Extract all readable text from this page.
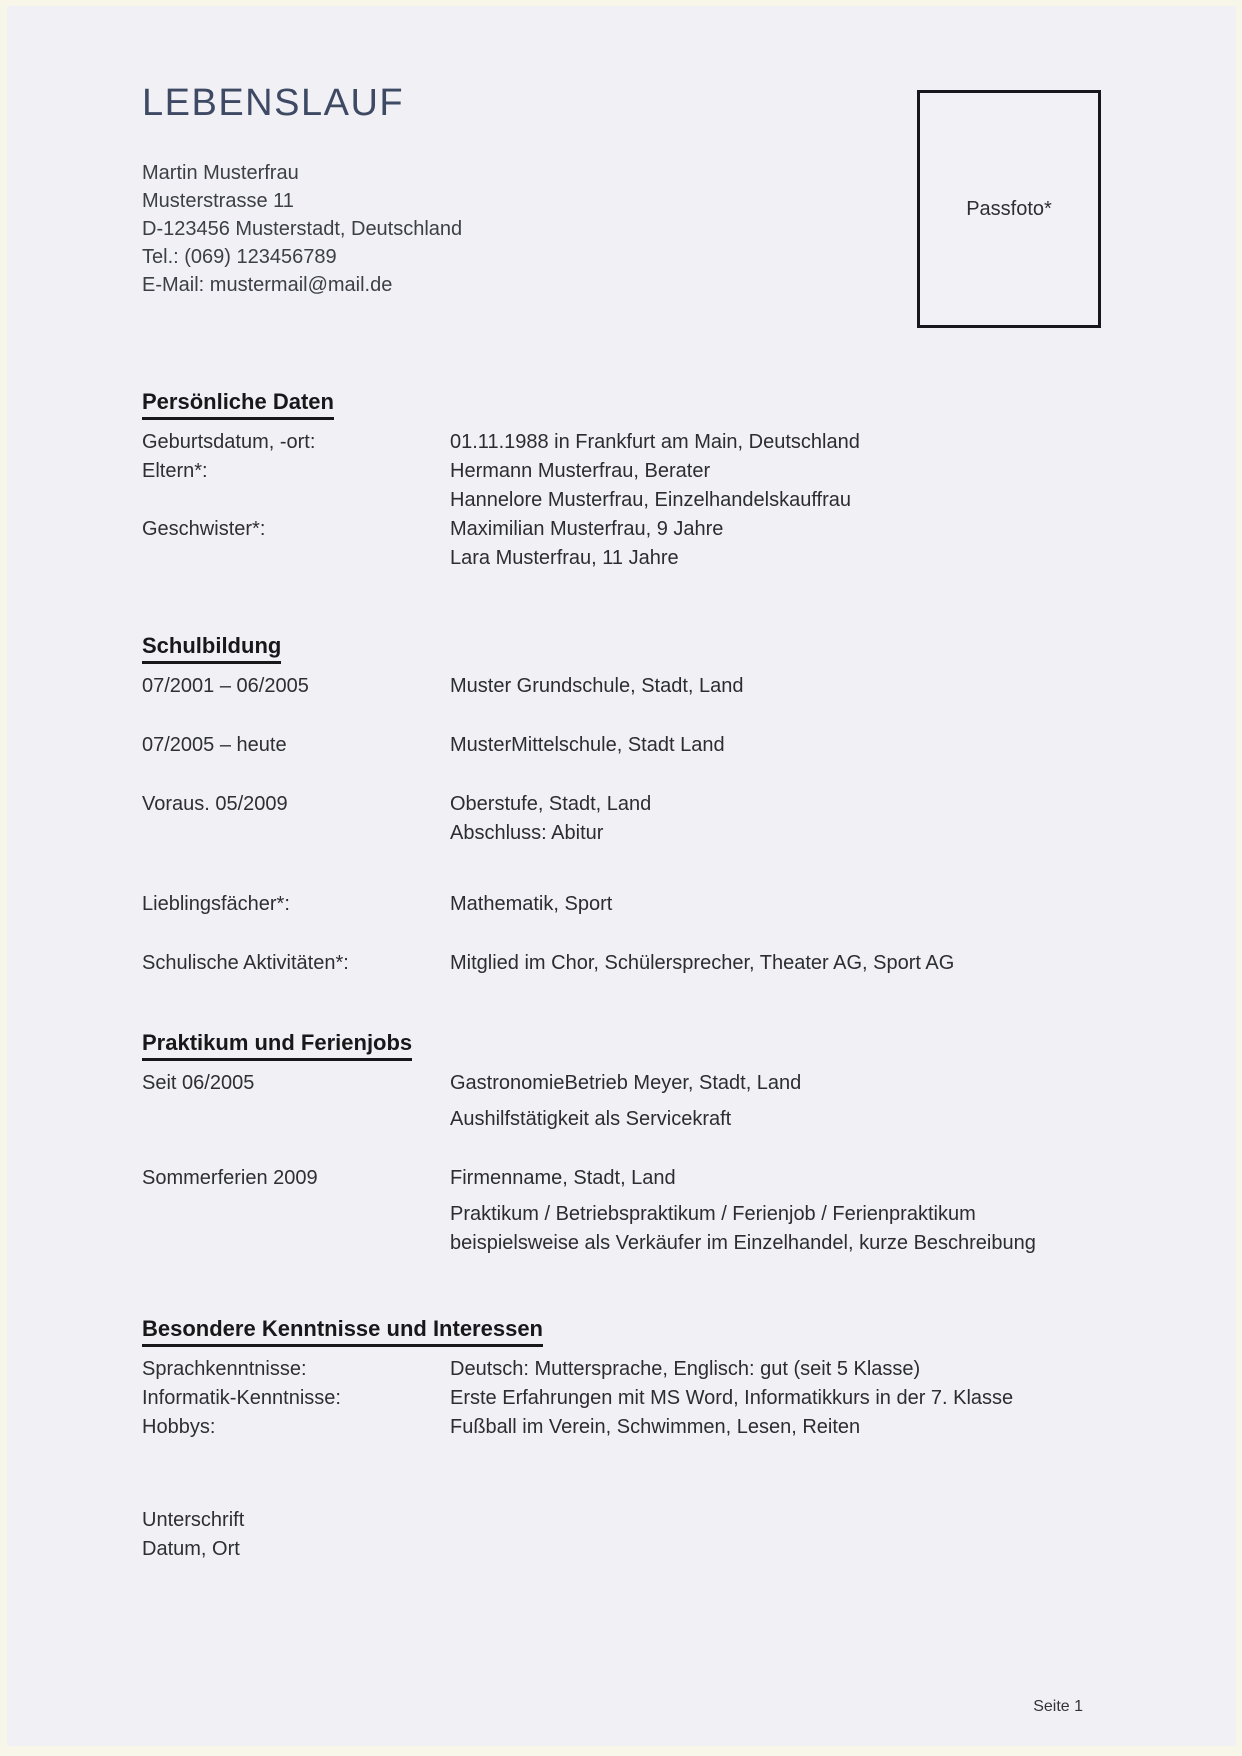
Passfoto*
LEBENSLAUF
Martin Musterfrau
Musterstrasse 11
D-123456 Musterstadt, Deutschland
Tel.: (069) 123456789
E-Mail: mustermail@mail.de
Persönliche Daten
Geburtsdatum, -ort:	01.11.1988 in Frankfurt am Main, Deutschland
Eltern*:	Hermann Musterfrau, Berater
Hannelore Musterfrau, Einzelhandelskauffrau
Geschwister*:	Maximilian Musterfrau, 9 Jahre
Lara Musterfrau, 11 Jahre
Schulbildung
07/2001 – 06/2005	Muster Grundschule, Stadt, Land
07/2005 – heute	MusterMittelschule, Stadt Land
Voraus. 05/2009	Oberstufe, Stadt, Land
Abschluss: Abitur
Lieblingsfächer*:	Mathematik, Sport
Schulische Aktivitäten*:	Mitglied im Chor, Schülersprecher, Theater AG, Sport AG
Praktikum und Ferienjobs
Seit 06/2005	GastronomieBetrieb Meyer, Stadt, Land
Aushilfstätigkeit als Servicekraft
Sommerferien 2009	Firmenname, Stadt, Land
Praktikum / Betriebspraktikum / Ferienjob / Ferienpraktikum
beispielsweise als Verkäufer im Einzelhandel, kurze Beschreibung
Besondere Kenntnisse und Interessen
Sprachkenntnisse:	Deutsch: Muttersprache, Englisch: gut (seit 5 Klasse)
Informatik-Kenntnisse:	Erste Erfahrungen mit MS Word, Informatikkurs in der 7. Klasse
Hobbys:	Fußball im Verein, Schwimmen, Lesen, Reiten
Unterschrift
Datum, Ort
Seite 1
